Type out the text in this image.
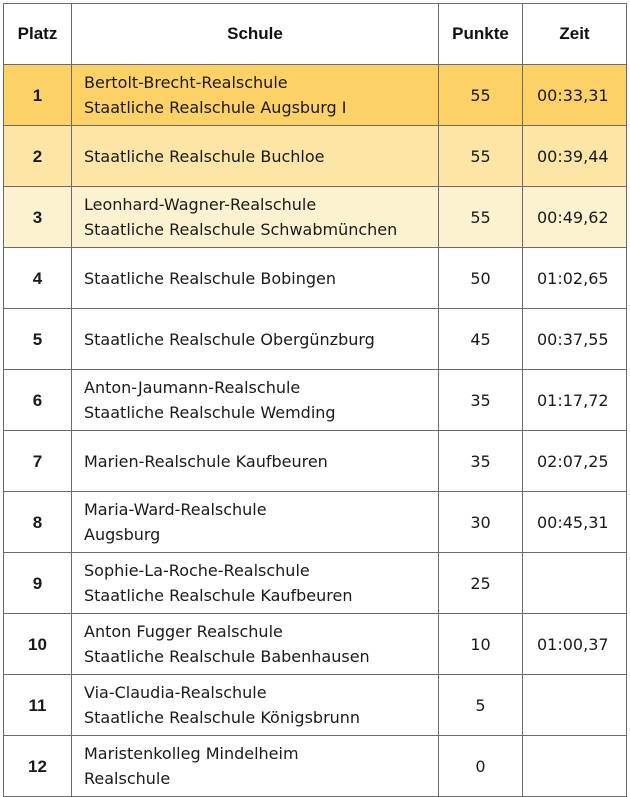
Platz	Schule	Punkte	Zeit
1	Bertolt-Brecht-Realschule
Staatliche Realschule Augsburg I	55	00:33,31
2	Staatliche Realschule Buchloe	55	00:39,44
3	Leonhard-Wagner-Realschule
Staatliche Realschule Schwabmünchen	55	00:49,62
4	Staatliche Realschule Bobingen	50	01:02,65
5	Staatliche Realschule Obergünzburg	45	00:37,55
6	Anton-Jaumann-Realschule
Staatliche Realschule Wemding	35	01:17,72
7	Marien-Realschule Kaufbeuren	35	02:07,25
8	Maria-Ward-Realschule
Augsburg	30	00:45,31
9	Sophie-La-Roche-Realschule
Staatliche Realschule Kaufbeuren	25	
10	Anton Fugger Realschule
Staatliche Realschule Babenhausen	10	01:00,37
11	Via-Claudia-Realschule
Staatliche Realschule Königsbrunn	5	
12	Maristenkolleg Mindelheim
Realschule	0	
